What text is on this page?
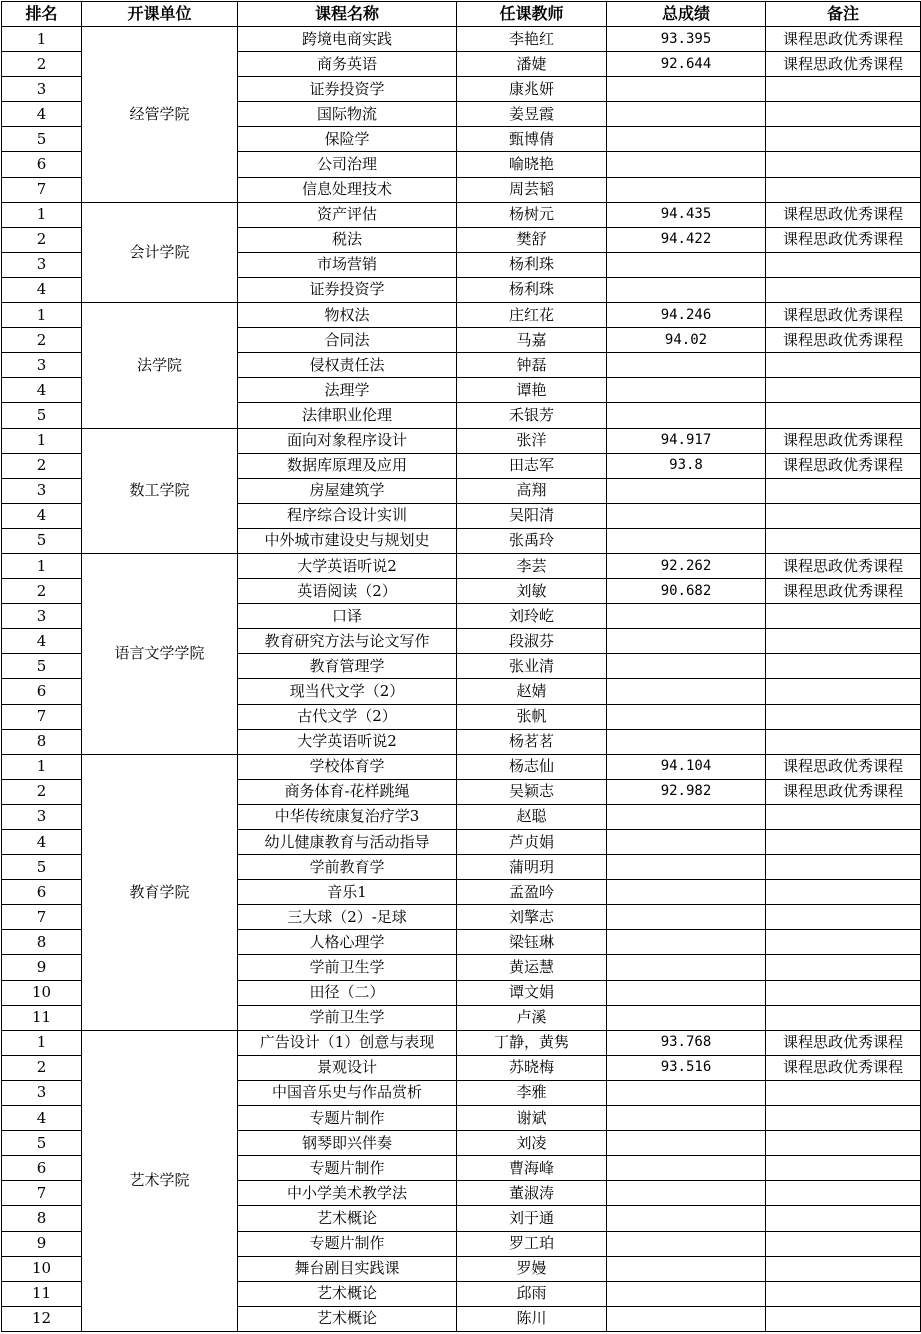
排名	开课单位	课程名称	任课教师	总成绩	备注
1	经管学院	跨境电商实践	李艳红	93.395	课程思政优秀课程
2		商务英语	潘婕	92.644	课程思政优秀课程
3		证券投资学	康兆妍		
4		国际物流	姜昱霞		
5		保险学	甄博倩		
6		公司治理	喻晓艳		
7		信息处理技术	周芸韬		
1	会计学院	资产评估	杨树元	94.435	课程思政优秀课程
2		税法	樊舒	94.422	课程思政优秀课程
3		市场营销	杨利珠		
4		证券投资学	杨利珠		
1	法学院	物权法	庄红花	94.246	课程思政优秀课程
2		合同法	马嘉	94.02	课程思政优秀课程
3		侵权责任法	钟磊		
4		法理学	谭艳		
5		法律职业伦理	禾银芳		
1	数工学院	面向对象程序设计	张洋	94.917	课程思政优秀课程
2		数据库原理及应用	田志军	93.8	课程思政优秀课程
3		房屋建筑学	高翔		
4		程序综合设计实训	吴阳清		
5		中外城市建设史与规划史	张禹玲		
1	语言文学学院	大学英语听说2	李芸	92.262	课程思政优秀课程
2		英语阅读（2）	刘敏	90.682	课程思政优秀课程
3		口译	刘玲屹		
4		教育研究方法与论文写作	段淑芬		
5		教育管理学	张业清		
6		现当代文学（2）	赵婧		
7		古代文学（2）	张帆		
8		大学英语听说2	杨茗茗		
1	教育学院	学校体育学	杨志仙	94.104	课程思政优秀课程
2		商务体育-花样跳绳	吴颖志	92.982	课程思政优秀课程
3		中华传统康复治疗学3	赵聪		
4		幼儿健康教育与活动指导	芦贞娟		
5		学前教育学	蒲明玥		
6		音乐1	孟盈吟		
7		三大球（2）-足球	刘擎志		
8		人格心理学	梁钰琳		
9		学前卫生学	黄运慧		
10		田径（二）	谭文娟		
11		学前卫生学	卢溪		
1	艺术学院	广告设计（1）创意与表现	丁静，黄隽	93.768	课程思政优秀课程
2		景观设计	苏晓梅	93.516	课程思政优秀课程
3		中国音乐史与作品赏析	李雅		
4		专题片制作	谢斌		
5		钢琴即兴伴奏	刘凌		
6		专题片制作	曹海峰		
7		中小学美术教学法	董淑涛		
8		艺术概论	刘于通		
9		专题片制作	罗工珀		
10		舞台剧目实践课	罗嫚		
11		艺术概论	邱雨		
12		艺术概论	陈川		
